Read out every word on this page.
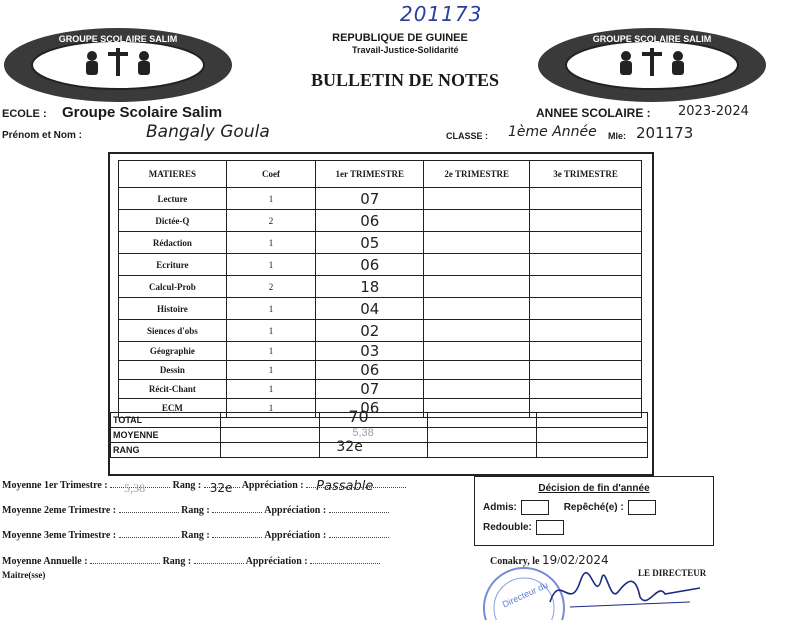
201173
GROUPE SCOLAIRE SALIM	GROUPE SCOLAIRE SALIM
REPUBLIQUE DE GUINEE
Travail-Justice-Solidarité
BULLETIN DE NOTES
ECOLE : Groupe Scolaire Salim	ANNEE SCOLAIRE : 2023-2024
Prénom et Nom :	Bangaly Goula	CLASSE : 1ème Année Mle: 201173
MATIERES	Coef	1er TRIMESTRE	2e TRIMESTRE	3e TRIMESTRE
Lecture	1	07		
Dictée-Q	2	06		
Rédaction	1	05		
Ecriture	1	06		
Calcul-Prob	2	18		
Histoire	1	04		
Siences d'obs	1	02		
Géographie	1	03		
Dessin	1	06		
Récit-Chant	1	07		
ECM	1	06		
TOTAL		70		

MOYENNE		5,38		

RANG		32e		

Moyenne 1er Trimestre : 5,38	Rang : 32e Appréciation : Passable
Moyenne 2eme Trimestre :	Rang :	Appréciation :
Moyenne 3eme Trimestre :	Rang :	Appréciation :
Moyenne Annuelle :	Rang :	Appréciation :
Maitre(sse)
Décision de fin d'année
Admis:	Repêché(e) :
Redouble:
Conakry, le 19/02/2024
LE DIRECTEUR
Directeur du
